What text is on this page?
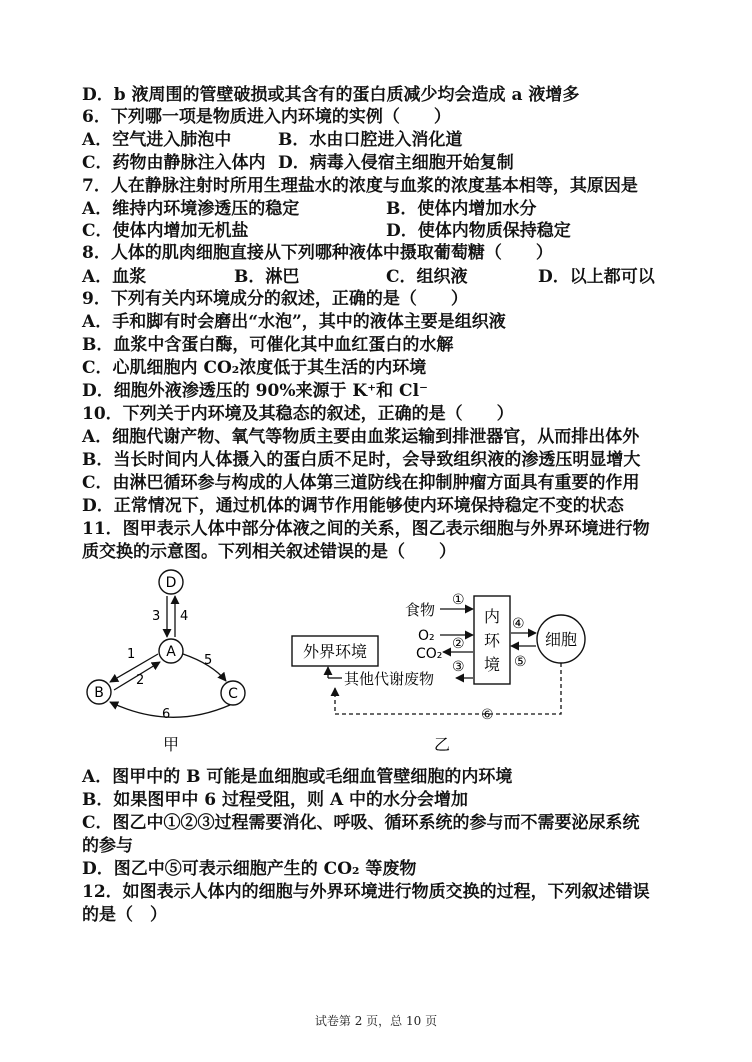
D．b 液周围的管壁破损或其含有的蛋白质减少均会造成 a 液增多
6．下列哪一项是物质进入内环境的实例（　　）
A．空气进入肺泡中	B．水由口腔进入消化道
C．药物由静脉注入体内 D．病毒入侵宿主细胞开始复制
7．人在静脉注射时所用生理盐水的浓度与血浆的浓度基本相等，其原因是
A．维持内环境渗透压的稳定	B．使体内增加水分
C．使体内增加无机盐	D．使体内物质保持稳定
8．人体的肌肉细胞直接从下列哪种液体中摄取葡萄糖（　　）
A．血浆	B．淋巴	C．组织液	D．以上都可以
9．下列有关内环境成分的叙述，正确的是（　　）
A．手和脚有时会磨出“水泡”，其中的液体主要是组织液
B．血浆中含蛋白酶，可催化其中血红蛋白的水解
C．心肌细胞内 CO₂浓度低于其生活的内环境
D．细胞外液渗透压的 90%来源于 K⁺和 Cl⁻
10．下列关于内环境及其稳态的叙述，正确的是（　　）
A．细胞代谢产物、氧气等物质主要由血浆运输到排泄器官，从而排出体外
B．当长时间内人体摄入的蛋白质不足时，会导致组织液的渗透压明显增大
C．由淋巴循环参与构成的人体第三道防线在抑制肿瘤方面具有重要的作用
D．正常情况下，通过机体的调节作用能够使内环境保持稳定不变的状态
11．图甲表示人体中部分体液之间的关系，图乙表示细胞与外界环境进行物
质交换的示意图。下列相关叙述错误的是（　　）
D
A
B	C
3 4
1
2
5
6
甲
外界环境
内
环
境
细胞
食物
①
O₂
CO₂
②
③
其他代谢废物
④
⑤
⑥
乙
A．图甲中的 B 可能是血细胞或毛细血管壁细胞的内环境
B．如果图甲中 6 过程受阻，则 A 中的水分会增加
C．图乙中①②③过程需要消化、呼吸、循环系统的参与而不需要泌尿系统
的参与
D．图乙中⑤可表示细胞产生的 CO₂ 等废物
12．如图表示人体内的细胞与外界环境进行物质交换的过程，下列叙述错误
的是（　）
试卷第 2 页，总 10 页
